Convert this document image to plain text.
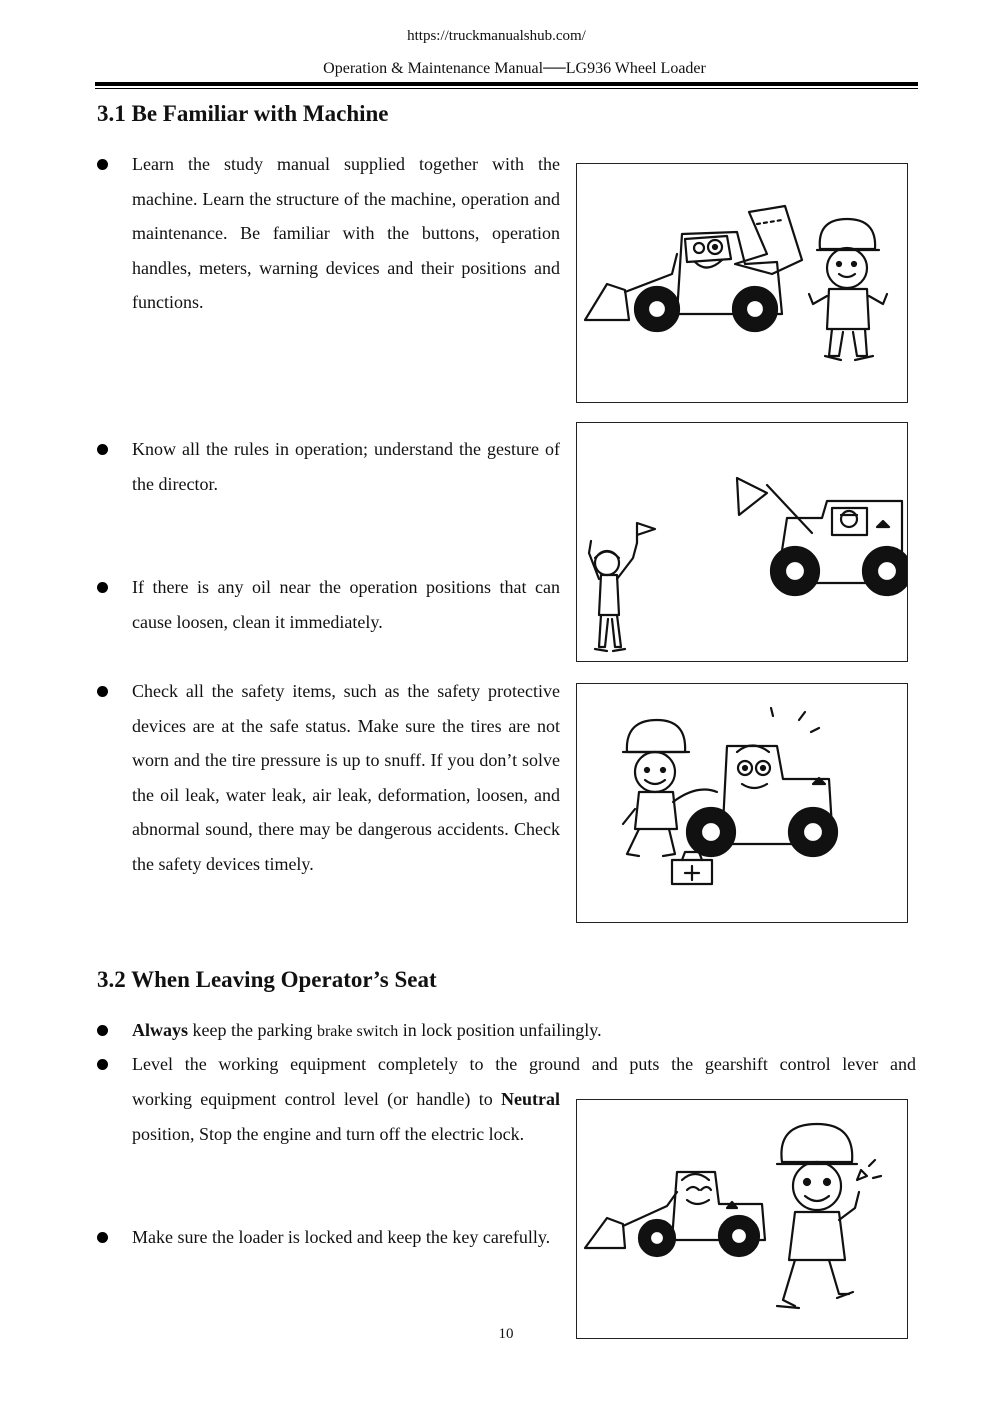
https://truckmanualshub.com/
Operation & Maintenance Manual──LG936 Wheel Loader
3.1 Be Familiar with Machine
Learn the study manual supplied together with the machine. Learn the structure of the machine, operation and maintenance. Be familiar with the buttons, operation handles, meters, warning devices and their positions and functions.
Know all the rules in operation; understand the gesture of the director.
If there is any oil near the operation positions that can cause loosen, clean it immediately.
Check all the safety items, such as the safety protective devices are at the safe status. Make sure the tires are not worn and the tire pressure is up to snuff. If you don’t solve the oil leak, water leak, air leak, deformation, loosen, and abnormal sound, there may be dangerous accidents. Check the safety devices timely.
3.2 When Leaving Operator’s Seat
Always keep the parking brake switch in lock position unfailingly.
Level the working equipment completely to the ground and puts the gearshift control lever and
working equipment control level (or handle) to Neutral position, Stop the engine and turn off the electric lock.
Make sure the loader is locked and keep the key carefully.
10
